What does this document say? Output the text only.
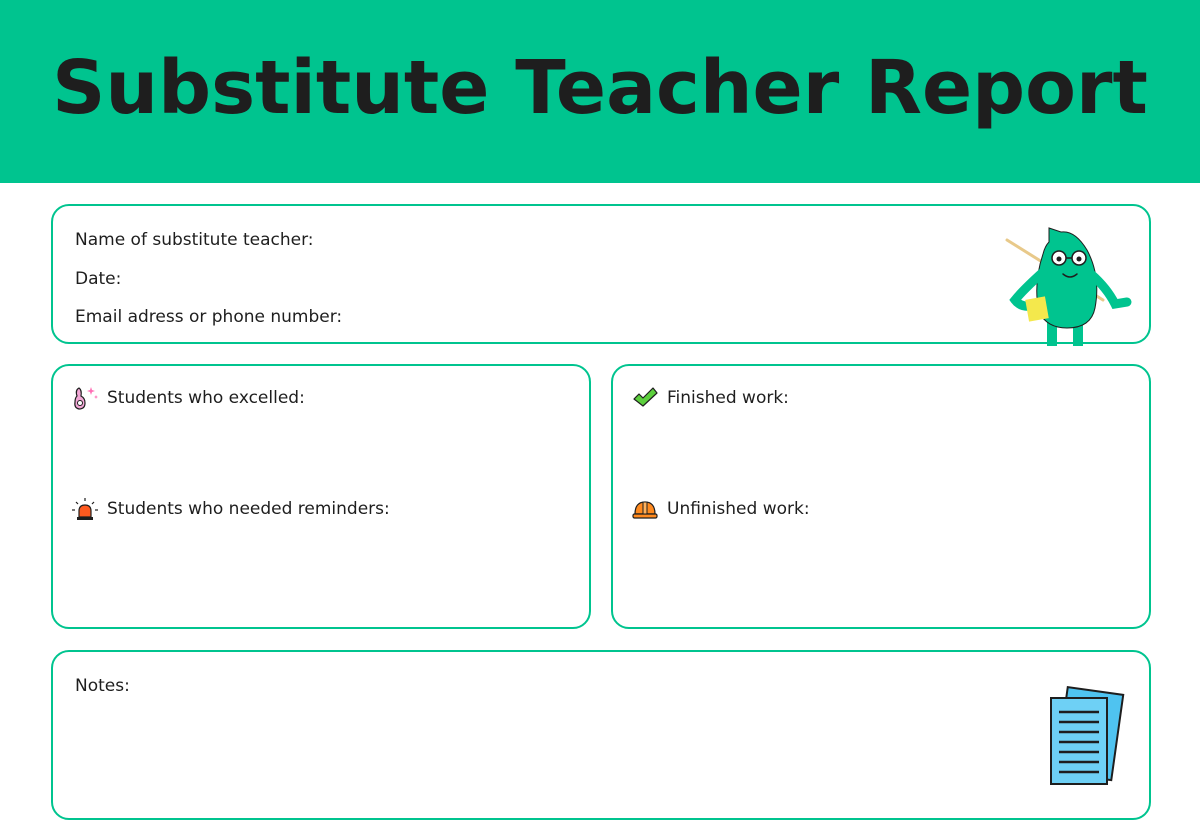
Substitute Teacher Report
Name of substitute teacher:
Date:
Email adress or phone number:
Students who excelled:
Students who needed reminders:
Finished work:
Unfinished work:
Notes:
